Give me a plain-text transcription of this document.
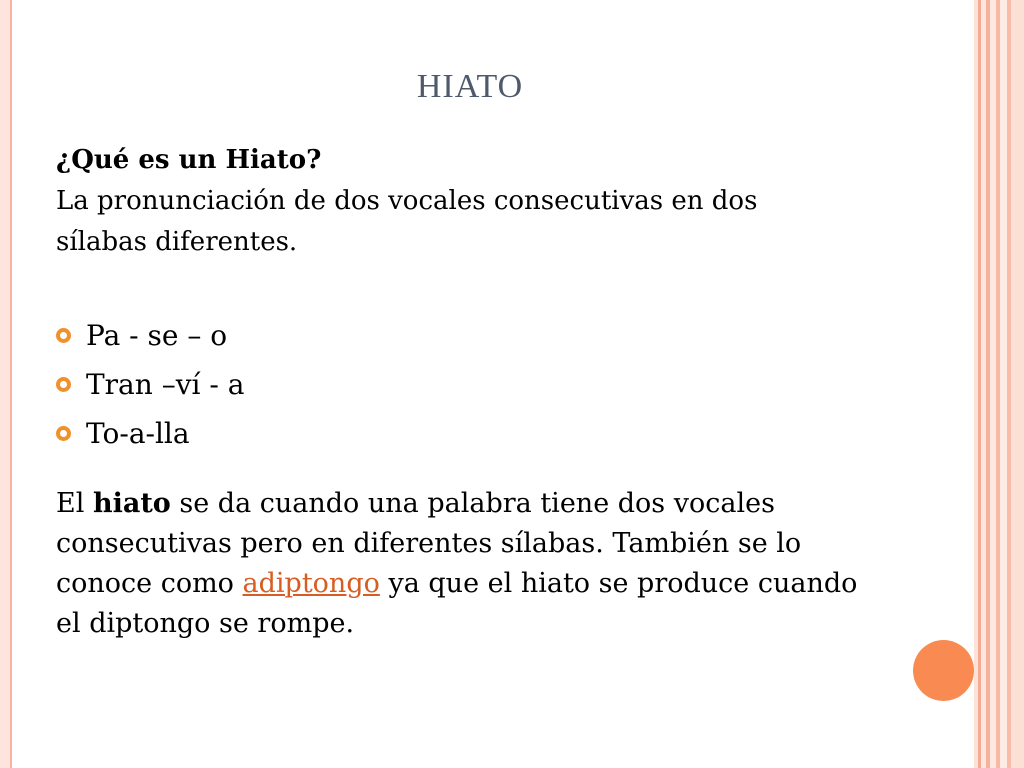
HIATO

¿Qué es un Hiato?

La pronunciación de dos vocales consecutivas en dos

sílabas diferentes.

Pa - se – o
Tran –ví - a
To-a-lla

El hiato se da cuando una palabra tiene dos vocales

consecutivas pero en diferentes sílabas. También se lo

conoce como adiptongo ya que el hiato se produce cuando

el diptongo se rompe.
